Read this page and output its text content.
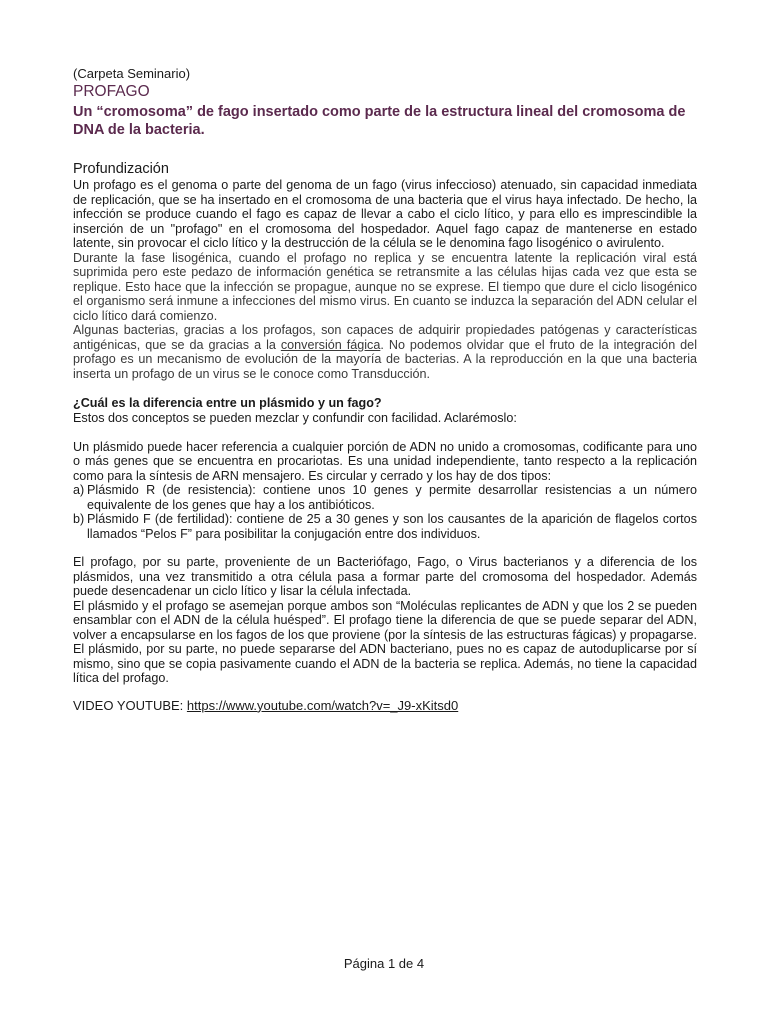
(Carpeta Seminario)
PROFAGO
Un “cromosoma” de fago insertado como parte de la estructura lineal del cromosoma de DNA de la bacteria.
Profundización

Un profago es el genoma o parte del genoma de un fago (virus infeccioso) atenuado, sin capacidad inmediata de replicación, que se ha insertado en el cromosoma de una bacteria que el virus haya infectado. De hecho, la infección se produce cuando el fago es capaz de llevar a cabo el ciclo lítico, y para ello es imprescindible la inserción de un "profago" en el cromosoma del hospedador. Aquel fago capaz de mantenerse en estado latente, sin provocar el ciclo lítico y la destrucción de la célula se le denomina fago lisogénico o avirulento.

Durante la fase lisogénica, cuando el profago no replica y se encuentra latente la replicación viral está suprimida pero este pedazo de información genética se retransmite a las células hijas cada vez que esta se replique. Esto hace que la infección se propague, aunque no se exprese. El tiempo que dure el ciclo lisogénico el organismo será inmune a infecciones del mismo virus. En cuanto se induzca la separación del ADN celular el ciclo lítico dará comienzo.

Algunas bacterias, gracias a los profagos, son capaces de adquirir propiedades patógenas y características antigénicas, que se da gracias a la conversión fágica. No podemos olvidar que el fruto de la integración del profago es un mecanismo de evolución de la mayoría de bacterias. A la reproducción en la que una bacteria inserta un profago de un virus se le conoce como Transducción.

¿Cuál es la diferencia entre un plásmido y un fago?

Estos dos conceptos se pueden mezclar y confundir con facilidad. Aclarémoslo:

Un plásmido puede hacer referencia a cualquier porción de ADN no unido a cromosomas, codificante para uno o más genes que se encuentra en procariotas. Es una unidad independiente, tanto respecto a la replicación como para la síntesis de ARN mensajero. Es circular y cerrado y los hay de dos tipos:

a) Plásmido R (de resistencia): contiene unos 10 genes y permite desarrollar resistencias a un número equivalente de los genes que hay a los antibióticos.
b) Plásmido F (de fertilidad): contiene de 25 a 30 genes y son los causantes de la aparición de flagelos cortos llamados “Pelos F” para posibilitar la conjugación entre dos individuos.

El profago, por su parte, proveniente de un Bacteriófago, Fago, o Virus bacterianos y a diferencia de los plásmidos, una vez transmitido a otra célula pasa a formar parte del cromosoma del hospedador. Además puede desencadenar un ciclo lítico y lisar la célula infectada.

El plásmido y el profago se asemejan porque ambos son “Moléculas replicantes de ADN y que los 2 se pueden ensamblar con el ADN de la célula huésped”. El profago tiene la diferencia de que se puede separar del ADN, volver a encapsularse en los fagos de los que proviene (por la síntesis de las estructuras fágicas) y propagarse. El plásmido, por su parte, no puede separarse del ADN bacteriano, pues no es capaz de autoduplicarse por sí mismo, sino que se copia pasivamente cuando el ADN de la bacteria se replica. Además, no tiene la capacidad lítica del profago.

VIDEO YOUTUBE: https://www.youtube.com/watch?v=_J9-xKitsd0
Página 1 de 4
